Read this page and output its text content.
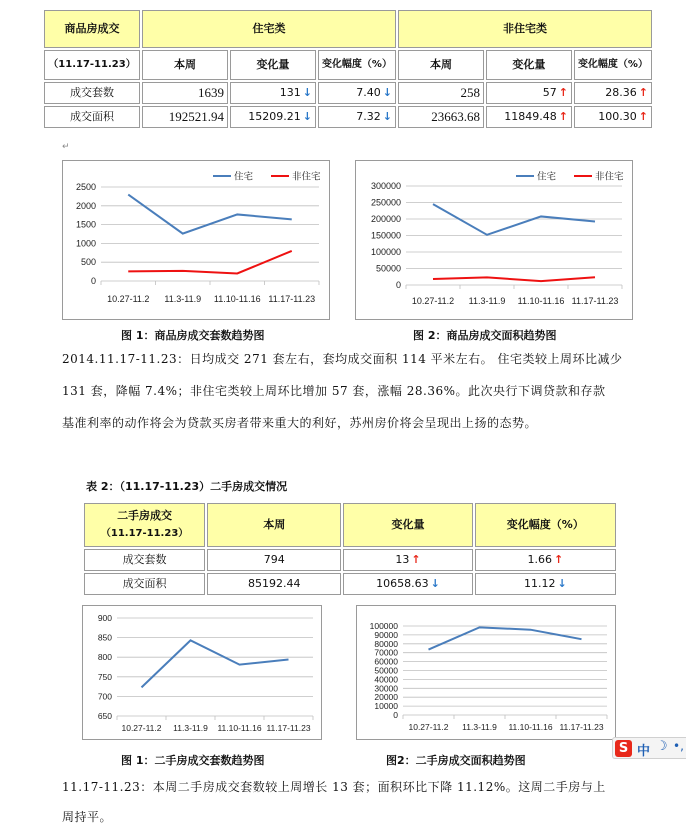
商品房成交	住宅类			非住宅类		
（11.17-11.23）	本周	变化量	变化幅度（%）	本周	变化量	变化幅度（%）
成交套数	1639	131 ↓	7.40 ↓	258	57 ↑	28.36 ↑
成交面积	192521.94	15209.21 ↓	7.32 ↓	23663.68	11849.48 ↑	100.30 ↑
↵
0
500
1000
1500
2000
2500
10.27-11.2 11.3-11.9 11.10-11.16 11.17-11.23
住宅	非住宅
0
50000
100000
150000
200000
250000
300000
10.27-11.2 11.3-11.9 11.10-11.16 11.17-11.23
住宅	非住宅
图 1：商品房成交套数趋势图	图 2：商品房成交面积趋势图
2014.11.17-11.23：日均成交 271 套左右，套均成交面积 114 平米左右。 住宅类较上周环比减少
131 套，降幅 7.4%；非住宅类较上周环比增加 57 套，涨幅 28.36%。此次央行下调贷款和存款
基准利率的动作将会为贷款买房者带来重大的利好，苏州房价将会呈现出上扬的态势。
表 2：（11.17-11.23）二手房成交情况
二手房成交
（11.17-11.23）	本周	变化量	变化幅度（%）
成交套数	794	13 ↑	1.66 ↑
成交面积	85192.44	10658.63 ↓	11.12 ↓
650
700
750
800
850
900
10.27-11.2 11.3-11.9 11.10-11.16 11.17-11.23
0
10000
20000
30000
40000
50000
60000
70000
80000
90000
100000
10.27-11.2 11.3-11.9 11.10-11.16 11.17-11.23
图 1：二手房成交套数趋势图	图2：二手房成交面积趋势图
11.17-11.23：本周二手房成交套数较上周增长 13 套；面积环比下降 11.12%。这周二手房与上
周持平。
S 中 ☽ •,
